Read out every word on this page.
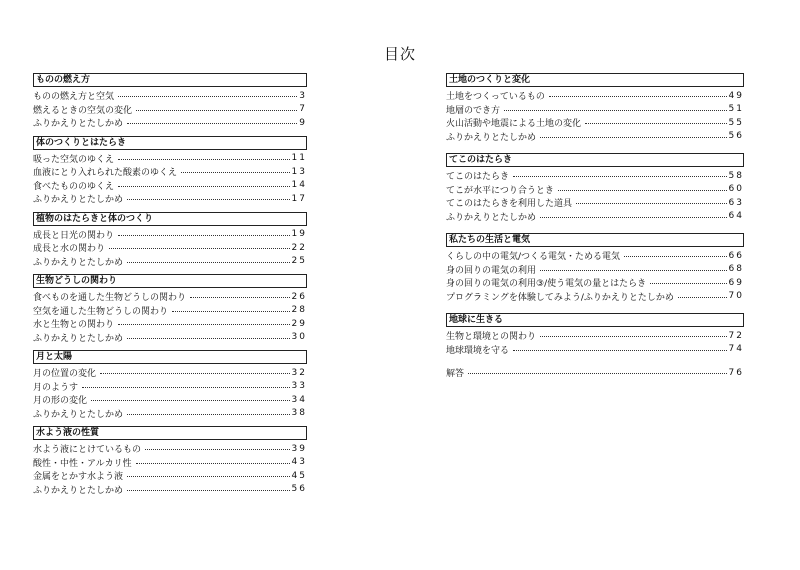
目次
ものの燃え方
ものの燃え方と空気	3
燃えるときの空気の変化	7
ふりかえりとたしかめ	9
体のつくりとはたらき
吸った空気のゆくえ	11
血液にとり入れられた酸素のゆくえ	13
食べたもののゆくえ	14
ふりかえりとたしかめ	17
植物のはたらきと体のつくり
成長と日光の関わり	19
成長と水の関わり	22
ふりかえりとたしかめ	25
生物どうしの関わり
食べものを通した生物どうしの関わり	26
空気を通した生物どうしの関わり	28
水と生物との関わり	29
ふりかえりとたしかめ	30
月と太陽
月の位置の変化	32
月のようす	33
月の形の変化	34
ふりかえりとたしかめ	38
水よう液の性質
水よう液にとけているもの	39
酸性・中性・アルカリ性	43
金属をとかす水よう液	45
ふりかえりとたしかめ	56
土地のつくりと変化
土地をつくっているもの	49
地層のでき方	51
火山活動や地震による土地の変化	55
ふりかえりとたしかめ	56
てこのはたらき
てこのはたらき	58
てこが水平につり合うとき	60
てこのはたらきを利用した道具	63
ふりかえりとたしかめ	64
私たちの生活と電気
くらしの中の電気/つくる電気・ためる電気	66
身の回りの電気の利用	68
身の回りの電気の利用③/使う電気の量とはたらき	69
プログラミングを体験してみよう/ふりかえりとたしかめ	70
地球に生きる
生物と環境との関わり	72
地球環境を守る	74
解答	76
